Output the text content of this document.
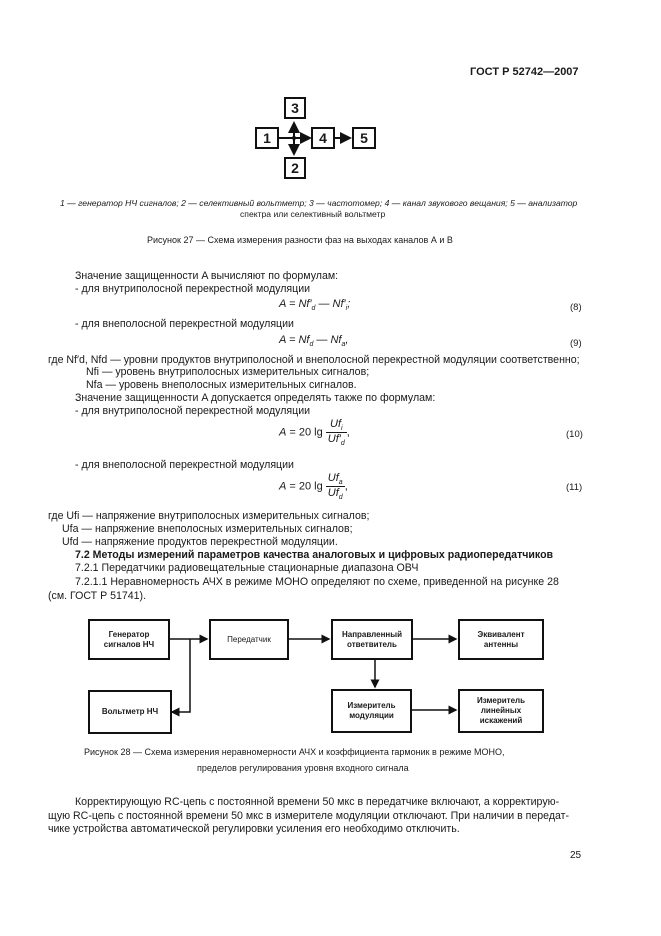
ГОСТ Р 52742—2007
3
1	4	5
2
1 — генератор НЧ сигналов; 2 — селективный вольтметр; 3 — частотомер; 4 — канал звукового вещания; 5 — анализатор
спектра или селективный вольтметр
Рисунок 27 — Схема измерения разности фаз на выходах каналов А и В
Значение защищенности A вычисляют по формулам:
- для внутриполосной перекрестной модуляции
$A = Nf'_d$ — $Nf'_i$;	(8)
- для внеполосной перекрестной модуляции
$A = Nf_d$ — $Nf_a$,	(9)
где Nf′d, Nfd — уровни продуктов внутриполосной и внеполосной перекрестной модуляции соответственно;
Nfi — уровень внутриполосных измерительных сигналов;
Nfa — уровень внеполосных измерительных сигналов.
Значение защищенности A допускается определять также по формулам:
- для внутриполосной перекрестной модуляции
A = 20 $\lg \frac{Uf_i}{Uf'_d}$ ,	(10)
- для внеполосной перекрестной модуляции
A = 20 $\lg \frac{Uf_a}{Uf_d}$ ,	(11)
где Ufi — напряжение внутриполосных измерительных сигналов;
Ufa — напряжение внеполосных измерительных сигналов;
Ufd — напряжение продуктов перекрестной модуляции.
7.2 Методы измерений параметров качества аналоговых и цифровых радиопередатчиков
7.2.1 Передатчики радиовещательные стационарные диапазона ОВЧ
7.2.1.1 Неравномерность АЧХ в режиме МОНО определяют по схеме, приведенной на рисунке 28
(см. ГОСТ Р 51741).
Генератор сигналов НЧ
Передатчик
Направленный ответвитель
Эквивалент антенны
Вольтметр НЧ
Измеритель модуляции
Измеритель линейных искажений
Рисунок 28 — Схема измерения неравномерности АЧХ и коэффициента гармоник в режиме МОНО,
пределов регулирования уровня входного сигнала
Корректирующую RC-цепь с постоянной времени 50 мкс в передатчике включают, а корректирую-
щую RC-цепь с постоянной времени 50 мкс в измерителе модуляции отключают. При наличии в передат-
чике устройства автоматической регулировки усиления его необходимо отключить.
25
